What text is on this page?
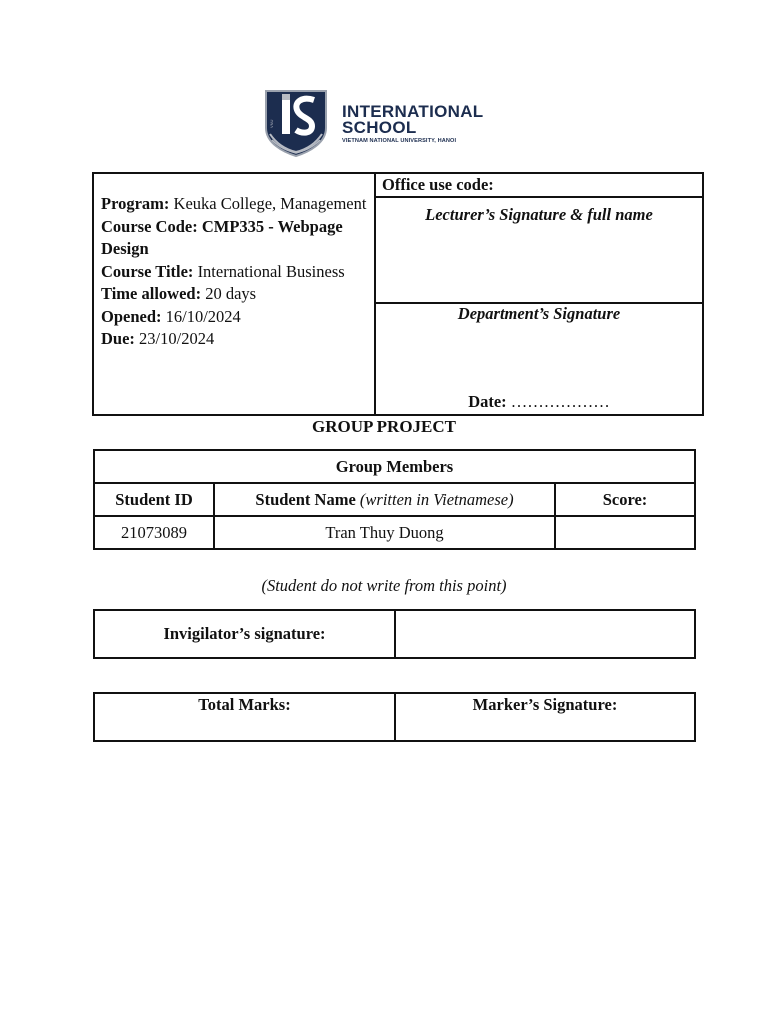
VNU
INTERNATIONAL
SCHOOL
VIETNAM NATIONAL UNIVERSITY, HANOI
Program: Keuka College, Management
Course Code: CMP335 - Webpage Design
Course Title: International Business
Time allowed: 20 days
Opened: 16/10/2024
Due: 23/10/2024
Office use code:
Lecturer’s Signature & full name
Department’s Signature
Date: ………………
GROUP PROJECT
Group Members		
Student ID	Student Name (written in Vietnamese)	Score:
21073089	Tran Thuy Duong	
(Student do not write from this point)
Invigilator’s signature:
Total Marks:	Marker’s Signature:
